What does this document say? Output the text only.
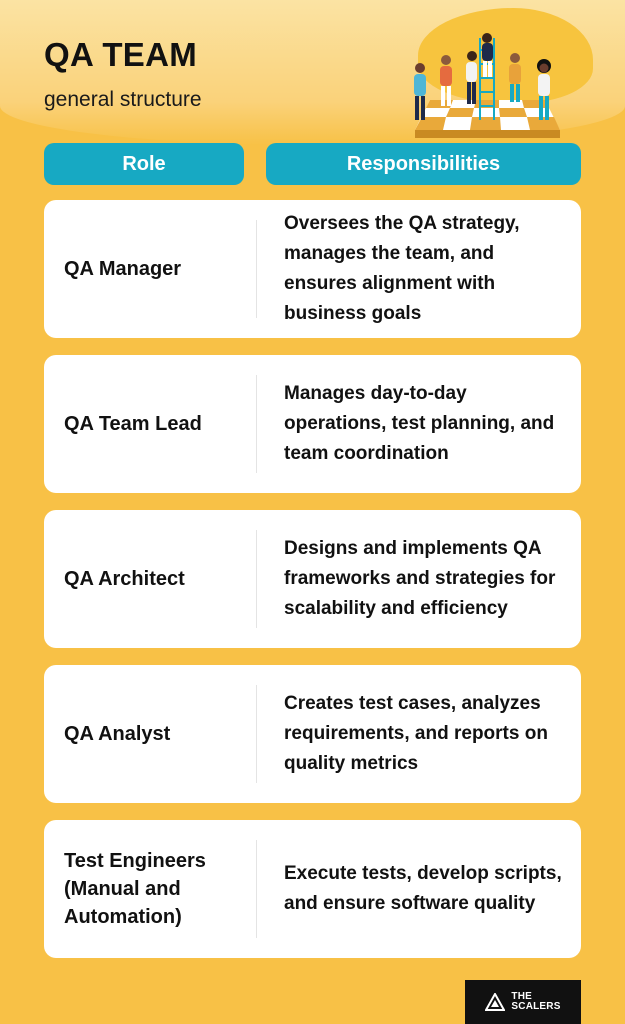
QA TEAM
general structure
Role	Responsibilities
QA Manager
Oversees the QA strategy, manages the team, and ensures alignment with business goals
QA Team Lead
Manages day-to-day operations, test planning, and team coordination
QA Architect
Designs and implements QA frameworks and strategies for scalability and efficiency
QA Analyst
Creates test cases, analyzes requirements, and reports on quality metrics
Test Engineers
(Manual and
Automation)
Execute tests, develop scripts, and ensure software quality
THE
SCALERS
